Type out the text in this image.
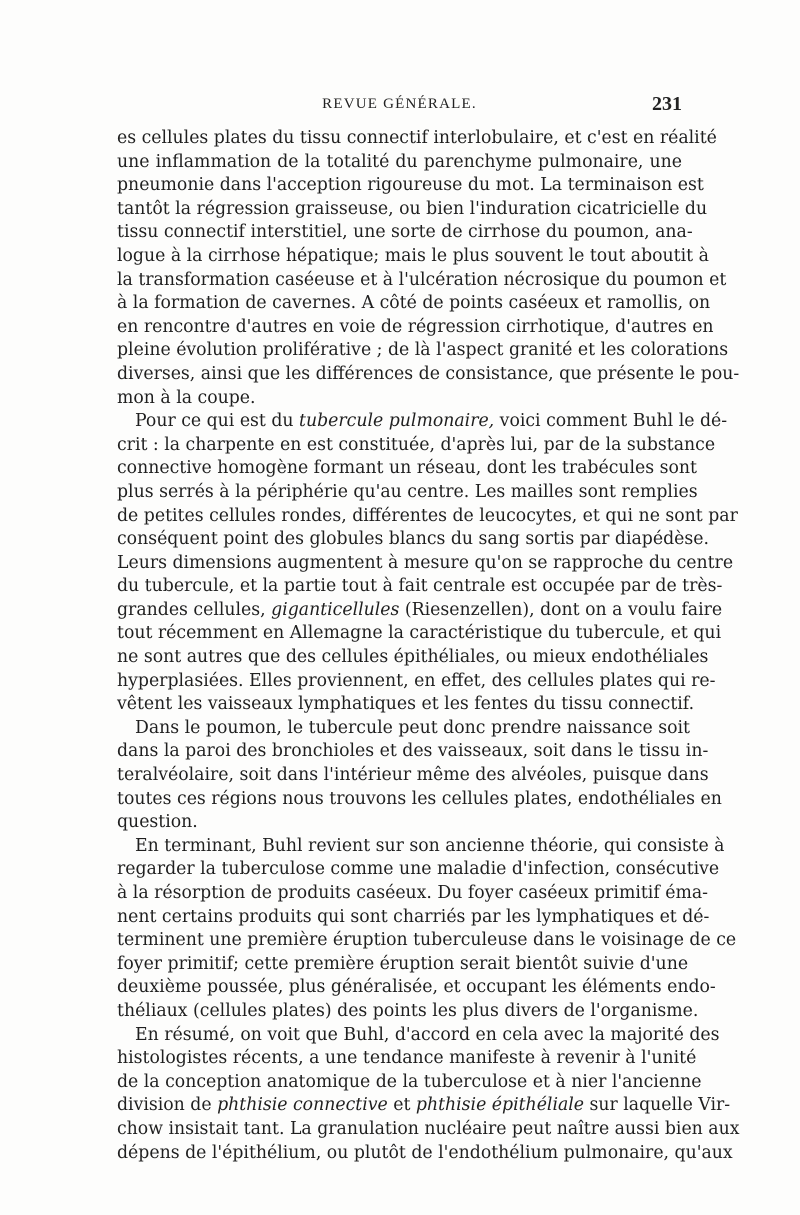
REVUE GÉNÉRALE.	231
es cellules plates du tissu connectif interlobulaire, et c'est en réalité
une inflammation de la totalité du parenchyme pulmonaire, une
pneumonie dans l'acception rigoureuse du mot. La terminaison est
tantôt la régression graisseuse, ou bien l'induration cicatricielle du
tissu connectif interstitiel, une sorte de cirrhose du poumon, ana-
logue à la cirrhose hépatique; mais le plus souvent le tout aboutit à
la transformation caséeuse et à l'ulcération nécrosique du poumon et
à la formation de cavernes. A côté de points caséeux et ramollis, on
en rencontre d'autres en voie de régression cirrhotique, d'autres en
pleine évolution proliférative ; de là l'aspect granité et les colorations
diverses, ainsi que les différences de consistance, que présente le pou-
mon à la coupe.
Pour ce qui est du tubercule pulmonaire, voici comment Buhl le dé-
crit : la charpente en est constituée, d'après lui, par de la substance
connective homogène formant un réseau, dont les trabécules sont
plus serrés à la périphérie qu'au centre. Les mailles sont remplies
de petites cellules rondes, différentes de leucocytes, et qui ne sont par
conséquent point des globules blancs du sang sortis par diapédèse.
Leurs dimensions augmentent à mesure qu'on se rapproche du centre
du tubercule, et la partie tout à fait centrale est occupée par de très-
grandes cellules, giganticellules (Riesenzellen), dont on a voulu faire
tout récemment en Allemagne la caractéristique du tubercule, et qui
ne sont autres que des cellules épithéliales, ou mieux endothéliales
hyperplasiées. Elles proviennent, en effet, des cellules plates qui re-
vêtent les vaisseaux lymphatiques et les fentes du tissu connectif.
Dans le poumon, le tubercule peut donc prendre naissance soit
dans la paroi des bronchioles et des vaisseaux, soit dans le tissu in-
teralvéolaire, soit dans l'intérieur même des alvéoles, puisque dans
toutes ces régions nous trouvons les cellules plates, endothéliales en
question.
En terminant, Buhl revient sur son ancienne théorie, qui consiste à
regarder la tuberculose comme une maladie d'infection, consécutive
à la résorption de produits caséeux. Du foyer caséeux primitif éma-
nent certains produits qui sont charriés par les lymphatiques et dé-
terminent une première éruption tuberculeuse dans le voisinage de ce
foyer primitif; cette première éruption serait bientôt suivie d'une
deuxième poussée, plus généralisée, et occupant les éléments endo-
théliaux (cellules plates) des points les plus divers de l'organisme.
En résumé, on voit que Buhl, d'accord en cela avec la majorité des
histologistes récents, a une tendance manifeste à revenir à l'unité
de la conception anatomique de la tuberculose et à nier l'ancienne
division de phthisie connective et phthisie épithéliale sur laquelle Vir-
chow insistait tant. La granulation nucléaire peut naître aussi bien aux
dépens de l'épithélium, ou plutôt de l'endothélium pulmonaire, qu'aux
